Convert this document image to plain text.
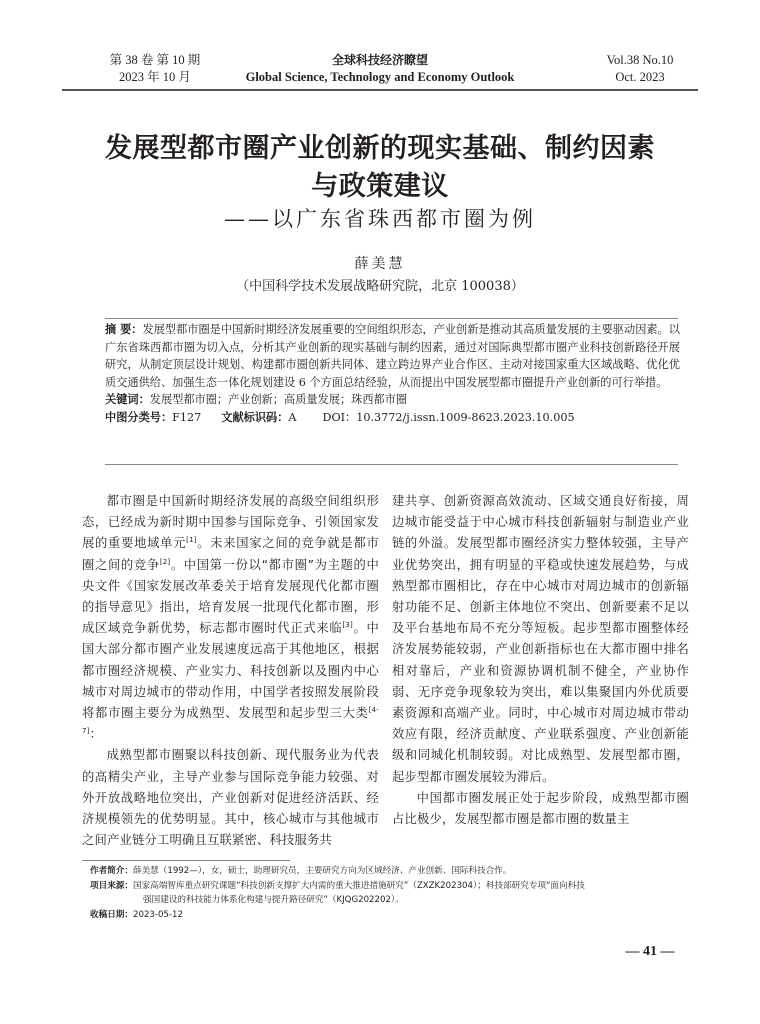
第 38 卷 第 10 期
2023 年 10 月
全球科技经济瞭望
Global Science, Technology and Economy Outlook
Vol.38 No.10
Oct. 2023
发展型都市圈产业创新的现实基础、制约因素
与政策建议
——以广东省珠西都市圈为例
薛美慧
（中国科学技术发展战略研究院，北京 100038）

摘 要：发展型都市圈是中国新时期经济发展重要的空间组织形态，产业创新是推动其高质量发展的主要驱动因素。以广东省珠西都市圈为切入点，分析其产业创新的现实基础与制约因素，通过对国际典型都市圈产业科技创新路径开展研究，从制定顶层设计规划、构建都市圈创新共同体、建立跨边界产业合作区、主动对接国家重大区域战略、优化优质交通供给、加强生态一体化规划建设 6 个方面总结经验，从而提出中国发展型都市圈提升产业创新的可行举措。

关键词：发展型都市圈；产业创新；高质量发展；珠西都市圈

中图分类号：F127 文献标识码：A DOI：10.3772/j.issn.1009-8623.2023.10.005

都市圈是中国新时期经济发展的高级空间组织形态，已经成为新时期中国参与国际竞争、引领国家发展的重要地域单元[1]。未来国家之间的竞争就是都市圈之间的竞争[2]。中国第一份以“都市圈”为主题的中央文件《国家发展改革委关于培育发展现代化都市圈的指导意见》指出，培育发展一批现代化都市圈，形成区域竞争新优势，标志都市圈时代正式来临[3]。中国大部分都市圈产业发展速度远高于其他地区，根据都市圈经济规模、产业实力、科技创新以及圈内中心城市对周边城市的带动作用，中国学者按照发展阶段将都市圈主要分为成熟型、发展型和起步型三大类[4-7]：

成熟型都市圈聚以科技创新、现代服务业为代表的高精尖产业，主导产业参与国际竞争能力较强、对外开放战略地位突出，产业创新对促进经济活跃、经济规模领先的优势明显。其中，核心城市与其他城市之间产业链分工明确且互联紧密、科技服务共

建共享、创新资源高效流动、区域交通良好衔接，周边城市能受益于中心城市科技创新辐射与制造业产业链的外溢。发展型都市圈经济实力整体较强，主导产业优势突出，拥有明显的平稳或快速发展趋势，与成熟型都市圈相比，存在中心城市对周边城市的创新辐射功能不足、创新主体地位不突出、创新要素不足以及平台基地布局不充分等短板。起步型都市圈整体经济发展势能较弱，产业创新指标也在大都市圈中排名相对靠后，产业和资源协调机制不健全，产业协作弱、无序竞争现象较为突出，难以集聚国内外优质要素资源和高端产业。同时，中心城市对周边城市带动效应有限，经济贡献度、产业联系强度、产业创新能级和同城化机制较弱。对比成熟型、发展型都市圈，起步型都市圈发展较为滞后。

中国都市圈发展正处于起步阶段，成熟型都市圈占比极少，发展型都市圈是都市圈的数量主

作者简介：薛美慧（1992—），女，硕士，助理研究员，主要研究方向为区域经济、产业创新、国际科技合作。

项目来源：国家高端智库重点研究课题“科技创新支撑扩大内需的重大推进措施研究”（ZXZK202304）；科技部研究专项“面向科技

强国建设的科技能力体系化构建与提升路径研究”（KJQG202202）。

收稿日期：2023-05-12

— 41 —
